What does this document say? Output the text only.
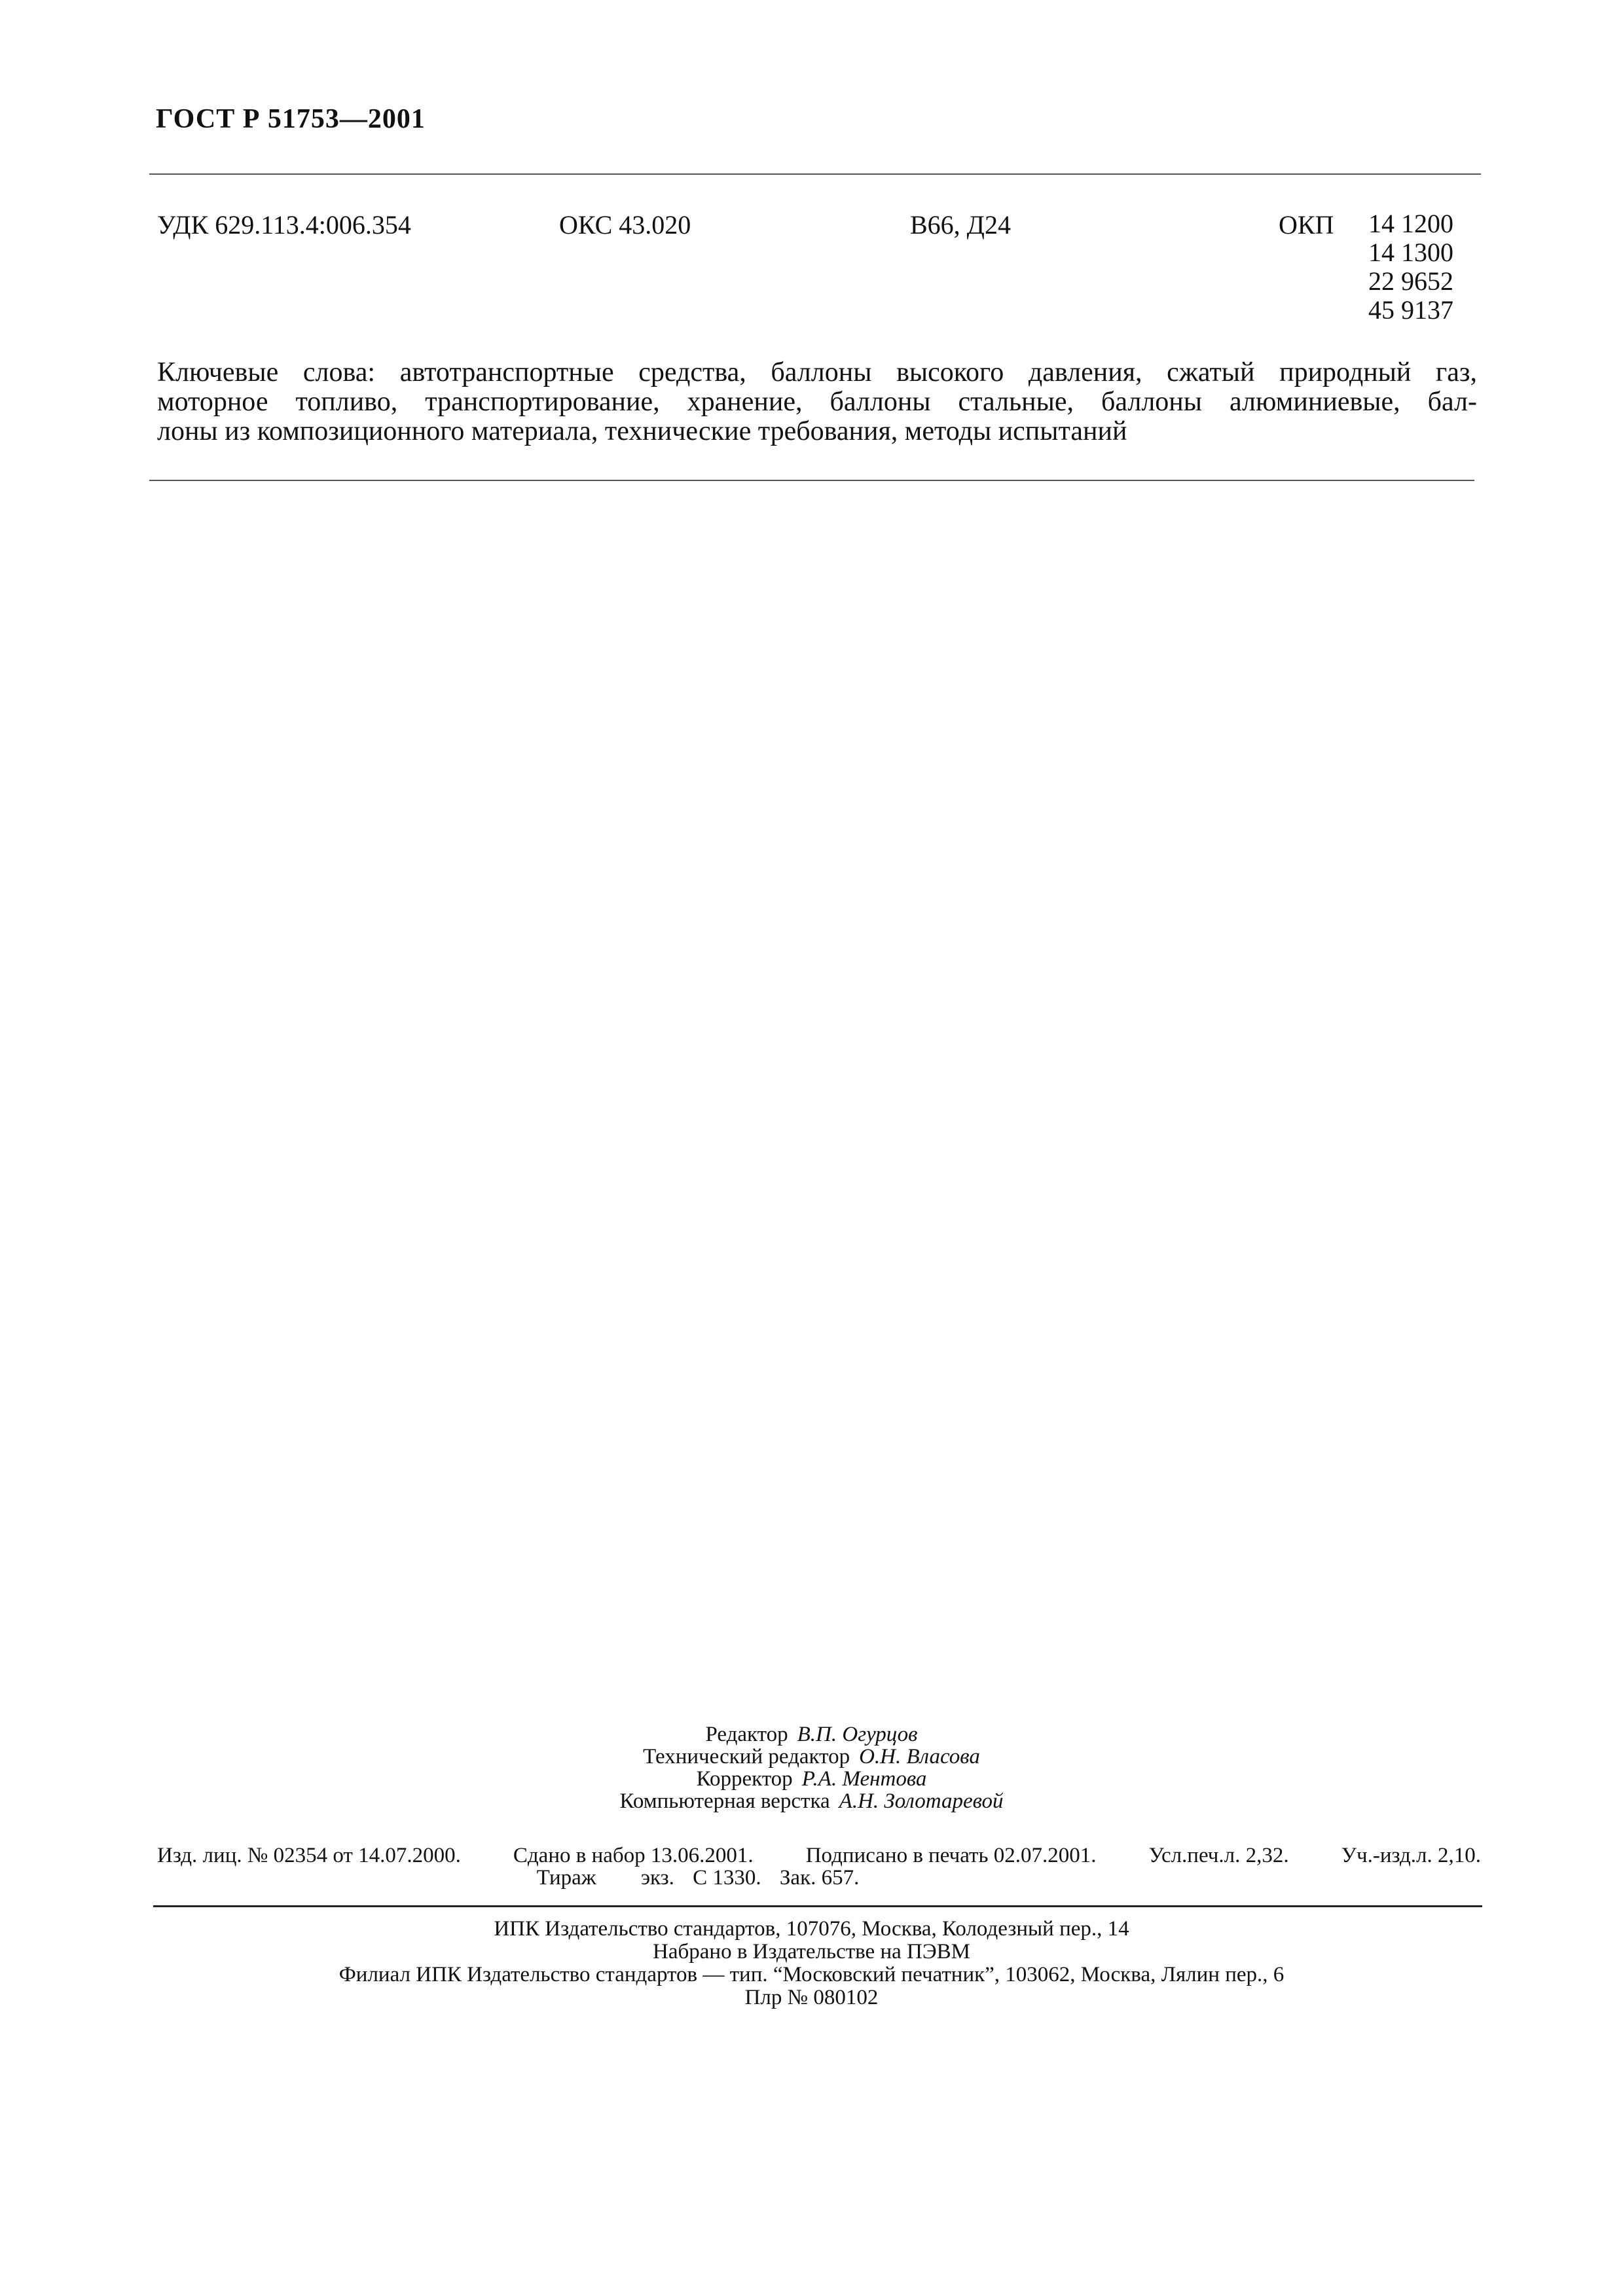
ГОСТ Р 51753—2001
УДК 629.113.4:006.354	ОКС 43.020	В66, Д24	ОКП 14 1200
14 1300
22 9652
45 9137
Ключевые слова: автотранспортные средства, баллоны высокого давления, сжатый природный газ,
моторное топливо, транспортирование, хранение, баллоны стальные, баллоны алюминиевые, бал-
лоны из композиционного материала, технические требования, методы испытаний
Редактор В.П. Огурцов
Технический редактор О.Н. Власова
Корректор Р.А. Ментова
Компьютерная верстка А.Н. Золотаревой
Изд. лиц. № 02354 от 14.07.2000. Сдано в набор 13.06.2001. Подписано в печать 02.07.2001. Усл.печ.л. 2,32. Уч.-изд.л. 2,10.
Тираж экз. С 1330. Зак. 657.
ИПК Издательство стандартов, 107076, Москва, Колодезный пер., 14
Набрано в Издательстве на ПЭВМ
Филиал ИПК Издательство стандартов — тип. “Московский печатник”, 103062, Москва, Лялин пер., 6
Плр № 080102
